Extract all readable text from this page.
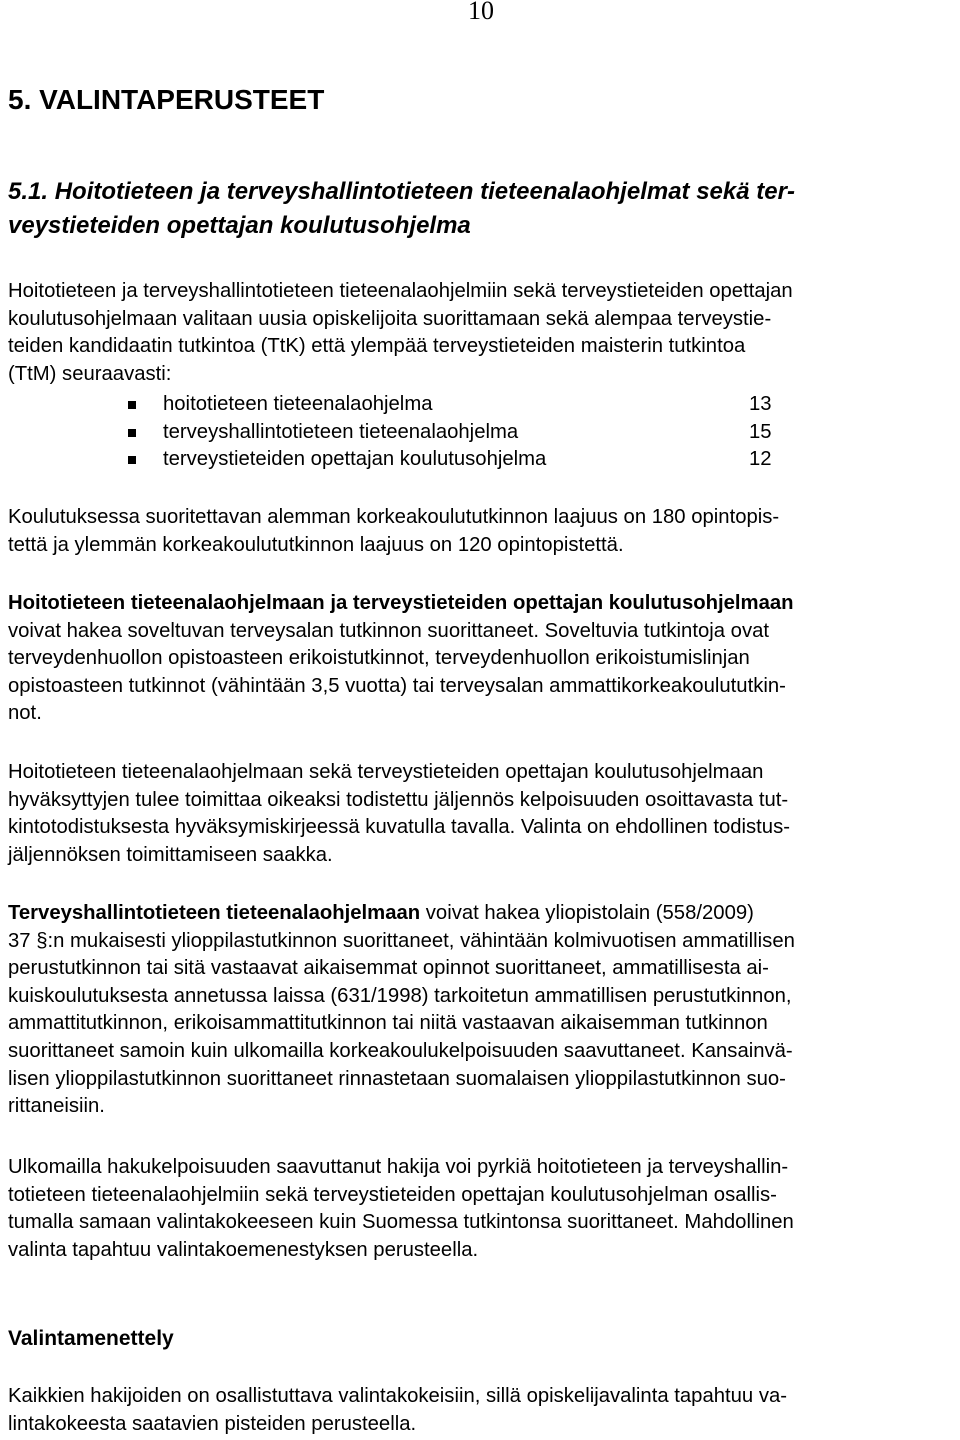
10
5. VALINTAPERUSTEET
5.1. Hoitotieteen ja terveyshallintotieteen tieteenalaohjelmat sekä ter-
veystieteiden opettajan koulutusohjelma
Hoitotieteen ja terveyshallintotieteen tieteenalaohjelmiin sekä terveystieteiden opettajan
koulutusohjelmaan valitaan uusia opiskelijoita suorittamaan sekä alempaa terveystie-
teiden kandidaatin tutkintoa (TtK) että ylempää terveystieteiden maisterin tutkintoa
(TtM) seuraavasti:
hoitotieteen tieteenalaohjelma	13
terveyshallintotieteen tieteenalaohjelma	15
terveystieteiden opettajan koulutusohjelma	12
Koulutuksessa suoritettavan alemman korkeakoulututkinnon laajuus on 180 opintopis-
tettä ja ylemmän korkeakoulututkinnon laajuus on 120 opintopistettä.
Hoitotieteen tieteenalaohjelmaan ja terveystieteiden opettajan koulutusohjelmaan
voivat hakea soveltuvan terveysalan tutkinnon suorittaneet. Soveltuvia tutkintoja ovat
terveydenhuollon opistoasteen erikoistutkinnot, terveydenhuollon erikoistumislinjan
opistoasteen tutkinnot (vähintään 3,5 vuotta) tai terveysalan ammattikorkeakoulututkin-
not.
Hoitotieteen tieteenalaohjelmaan sekä terveystieteiden opettajan koulutusohjelmaan
hyväksyttyjen tulee toimittaa oikeaksi todistettu jäljennös kelpoisuuden osoittavasta tut-
kintotodistuksesta hyväksymiskirjeessä kuvatulla tavalla. Valinta on ehdollinen todistus-
jäljennöksen toimittamiseen saakka.
Terveyshallintotieteen tieteenalaohjelmaan voivat hakea yliopistolain (558/2009)
37 §:n mukaisesti ylioppilastutkinnon suorittaneet, vähintään kolmivuotisen ammatillisen
perustutkinnon tai sitä vastaavat aikaisemmat opinnot suorittaneet, ammatillisesta ai-
kuiskoulutuksesta annetussa laissa (631/1998) tarkoitetun ammatillisen perustutkinnon,
ammattitutkinnon, erikoisammattitutkinnon tai niitä vastaavan aikaisemman tutkinnon
suorittaneet samoin kuin ulkomailla korkeakoulukelpoisuuden saavuttaneet. Kansainvä-
lisen ylioppilastutkinnon suorittaneet rinnastetaan suomalaisen ylioppilastutkinnon suo-
rittaneisiin.
Ulkomailla hakukelpoisuuden saavuttanut hakija voi pyrkiä hoitotieteen ja terveyshallin-
totieteen tieteenalaohjelmiin sekä terveystieteiden opettajan koulutusohjelman osallis-
tumalla samaan valintakokeeseen kuin Suomessa tutkintonsa suorittaneet. Mahdollinen
valinta tapahtuu valintakoemenestyksen perusteella.
Valintamenettely
Kaikkien hakijoiden on osallistuttava valintakokeisiin, sillä opiskelijavalinta tapahtuu va-
lintakokeesta saatavien pisteiden perusteella.
